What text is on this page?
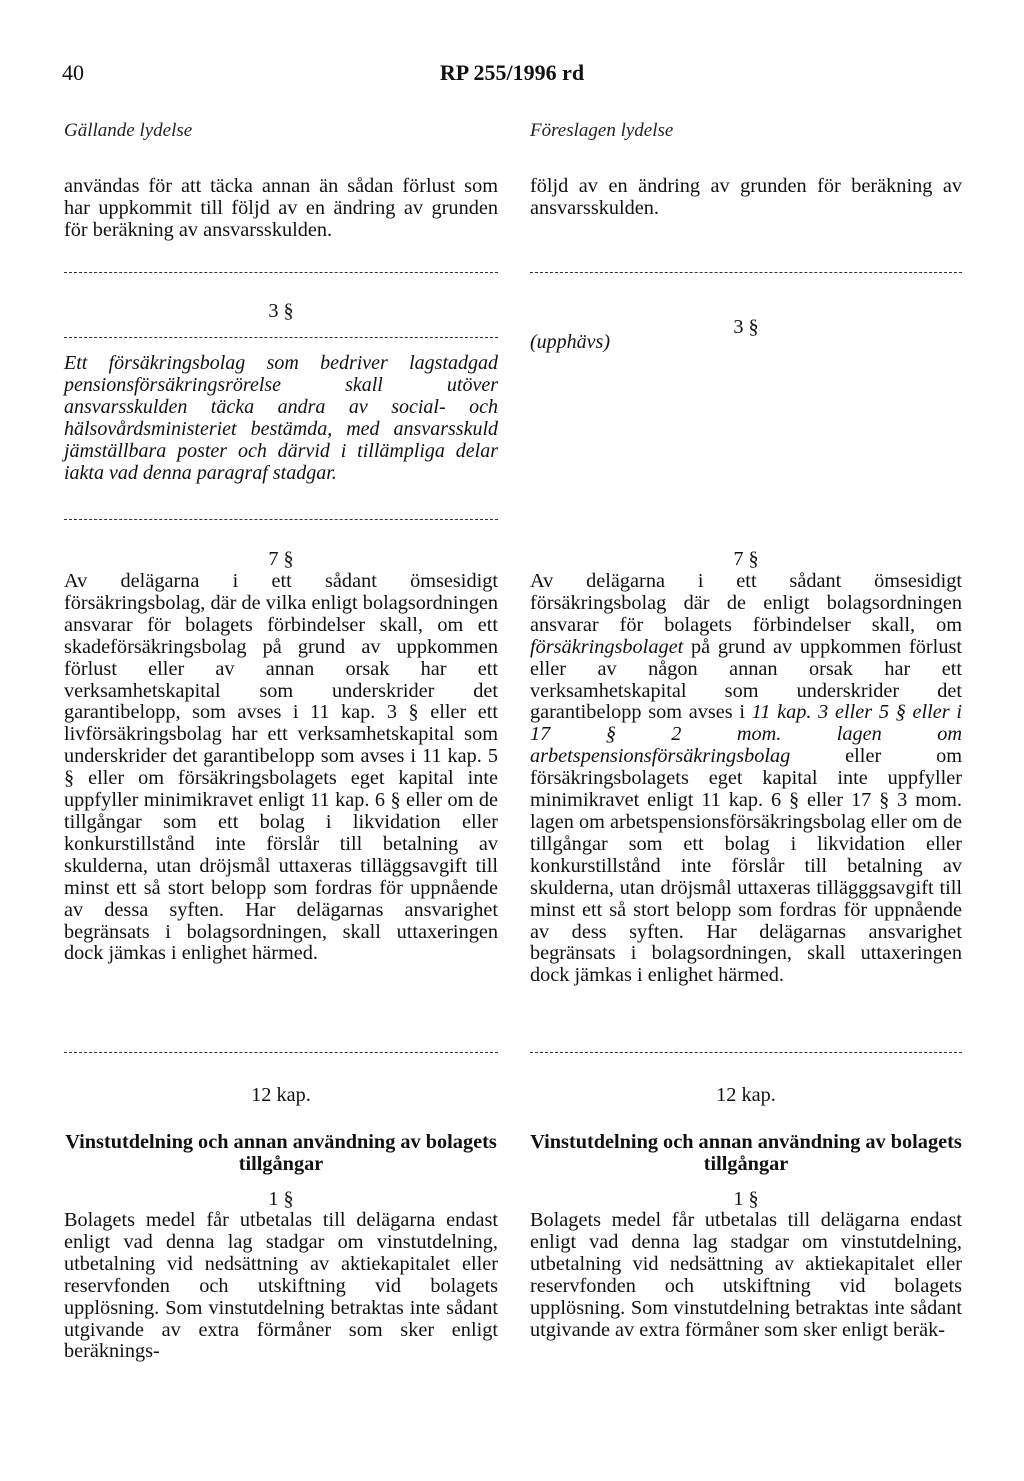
40	RP 255/1996 rd
Gällande lydelse	Föreslagen lydelse

användas för att täcka annan än sådan förlust som har uppkommit till följd av en ändring av grunden för beräkning av ansvarsskulden.

3 §

Ett försäkringsbolag som bedriver lagstadgad pensionsförsäkringsrörelse skall utöver ansvarsskulden täcka andra av social- och hälsovårdsministeriet bestämda, med ansvarsskuld jämställbara poster och därvid i tillämpliga delar iakta vad denna paragraf stadgar.

7 §

Av delägarna i ett sådant ömsesidigt försäkringsbolag, där de vilka enligt bolagsordningen ansvarar för bolagets förbindelser skall, om ett skadeförsäkringsbolag på grund av uppkommen förlust eller av annan orsak har ett verksamhetskapital som underskrider det garantibelopp, som avses i 11 kap. 3 § eller ett livförsäkringsbolag har ett verksamhetskapital som underskrider det garantibelopp som avses i 11 kap. 5 § eller om försäkringsbolagets eget kapital inte uppfyller minimikravet enligt 11 kap. 6 § eller om de tillgångar som ett bolag i likvidation eller konkurstillstånd inte förslår till betalning av skulderna, utan dröjsmål uttaxeras tilläggsavgift till minst ett så stort belopp som fordras för uppnående av dessa syften. Har delägarnas ansvarighet begränsats i bolagsordningen, skall uttaxeringen dock jämkas i enlighet härmed.

12 kap.
Vinstutdelning och annan användning av bolagets tillgångar
1 §

Bolagets medel får utbetalas till delägarna endast enligt vad denna lag stadgar om vinstutdelning, utbetalning vid nedsättning av aktiekapitalet eller reservfonden och utskiftning vid bolagets upplösning. Som vinstutdelning betraktas inte sådant utgivande av extra förmåner som sker enligt beräknings-

följd av en ändring av grunden för beräkning av ansvarsskulden.

3 §
(upphävs)
7 §

Av delägarna i ett sådant ömsesidigt försäkringsbolag där de enligt bolagsordningen ansvarar för bolagets förbindelser skall, om försäkringsbolaget på grund av uppkommen förlust eller av någon annan orsak har ett verksamhetskapital som underskrider det garantibelopp som avses i 11 kap. 3 eller 5 § eller i 17 § 2 mom. lagen om arbetspensionsförsäkringsbolag eller om försäkringsbolagets eget kapital inte uppfyller minimikravet enligt 11 kap. 6 § eller 17 § 3 mom. lagen om arbetspensionsförsäkringsbolag eller om de tillgångar som ett bolag i likvidation eller konkurstillstånd inte förslår till betalning av skulderna, utan dröjsmål uttaxeras tillägggsavgift till minst ett så stort belopp som fordras för uppnående av dess syften. Har delägarnas ansvarighet begränsats i bolagsordningen, skall uttaxeringen dock jämkas i enlighet härmed.

12 kap.
Vinstutdelning och annan användning av bolagets tillgångar
1 §

Bolagets medel får utbetalas till delägarna endast enligt vad denna lag stadgar om vinstutdelning, utbetalning vid nedsättning av aktiekapitalet eller reservfonden och utskiftning vid bolagets upplösning. Som vinstutdelning betraktas inte sådant utgivande av extra förmåner som sker enligt beräk-
